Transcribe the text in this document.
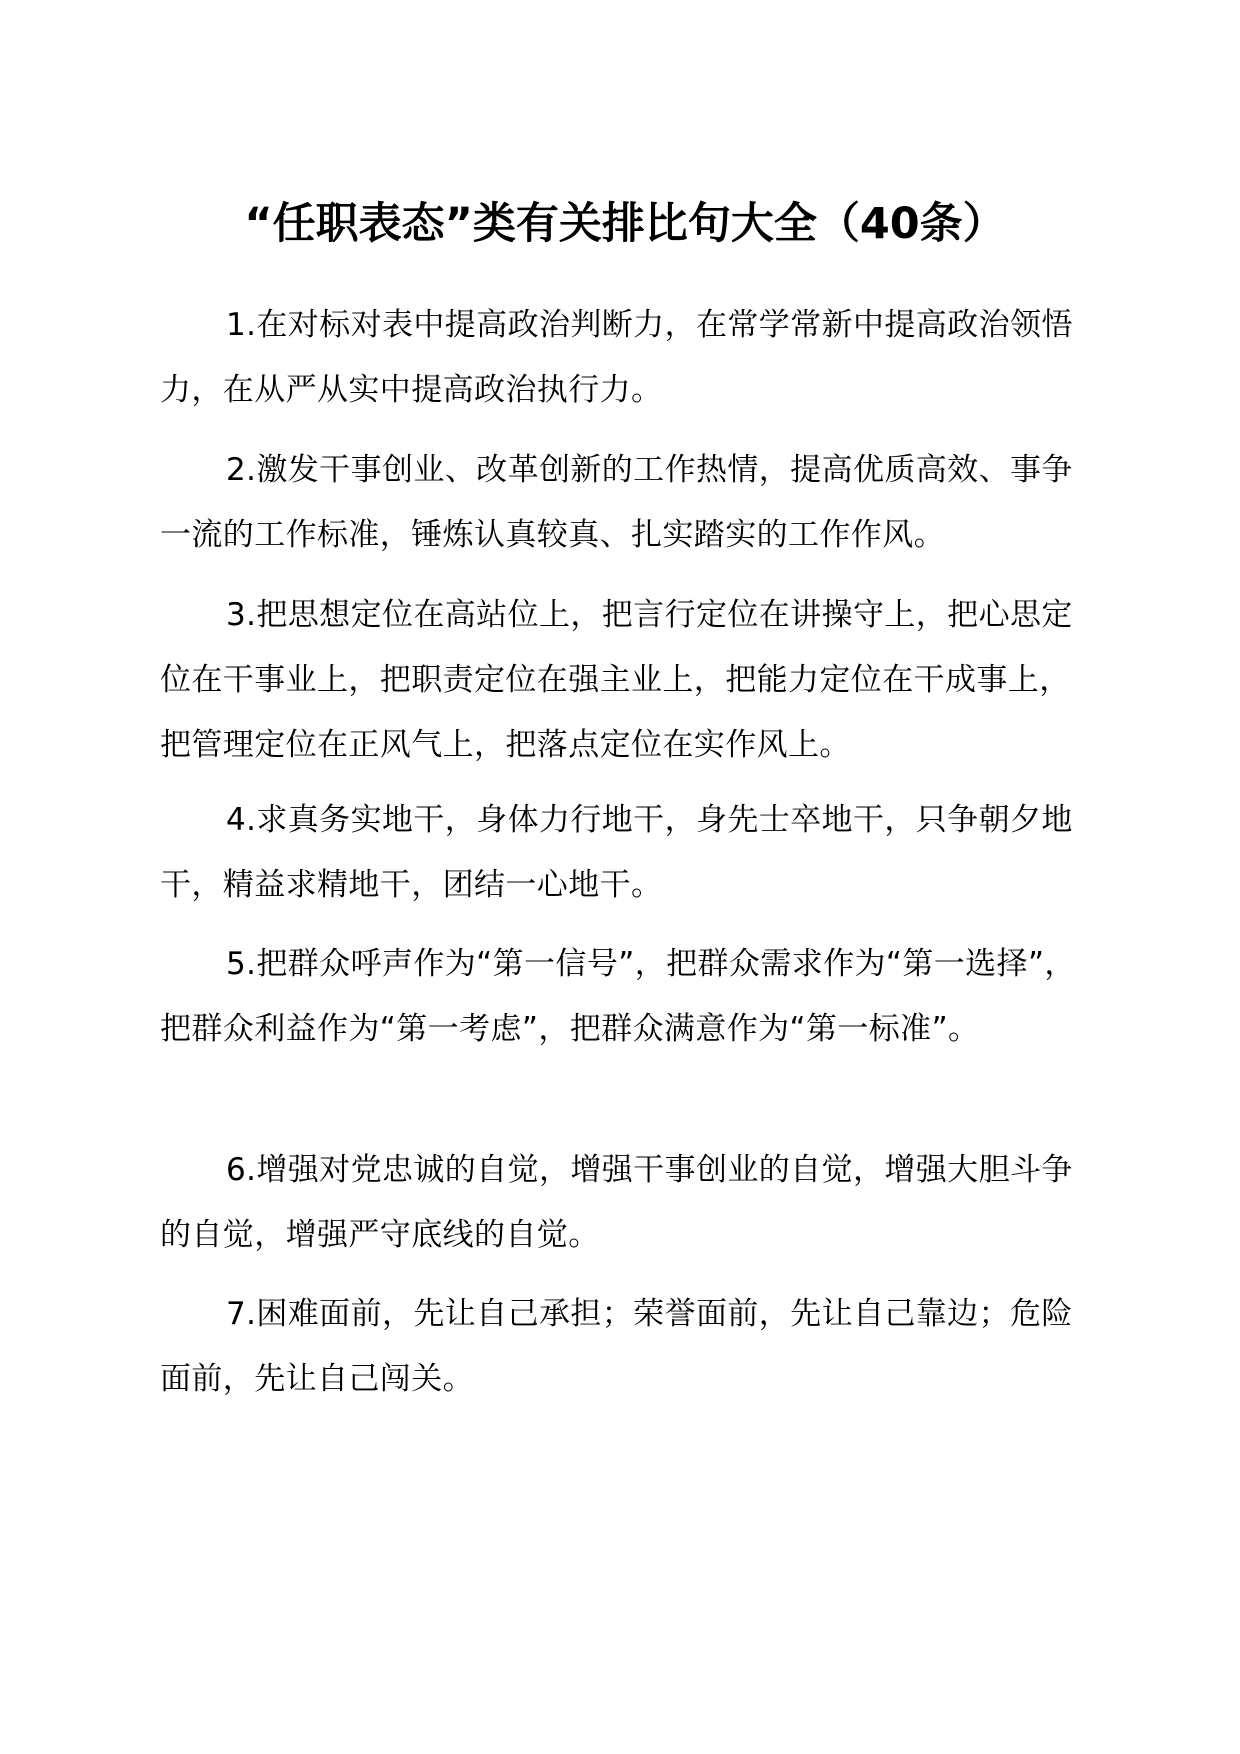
“任职表态”类有关排比句大全（40条）

1.在对标对表中提高政治判断力，在常学常新中提高政治领悟力，在从严从实中提高政治执行力。

2.激发干事创业、改革创新的工作热情，提高优质高效、事争一流的工作标准，锤炼认真较真、扎实踏实的工作作风。

3.把思想定位在高站位上，把言行定位在讲操守上，把心思定位在干事业上，把职责定位在强主业上，把能力定位在干成事上，把管理定位在正风气上，把落点定位在实作风上。

4.求真务实地干，身体力行地干，身先士卒地干，只争朝夕地干，精益求精地干，团结一心地干。

5.把群众呼声作为“第一信号”，把群众需求作为“第一选择”，把群众利益作为“第一考虑”，把群众满意作为“第一标准”。

6.增强对党忠诚的自觉，增强干事创业的自觉，增强大胆斗争的自觉，增强严守底线的自觉。

7.困难面前，先让自己承担；荣誉面前，先让自己靠边；危险面前，先让自己闯关。
